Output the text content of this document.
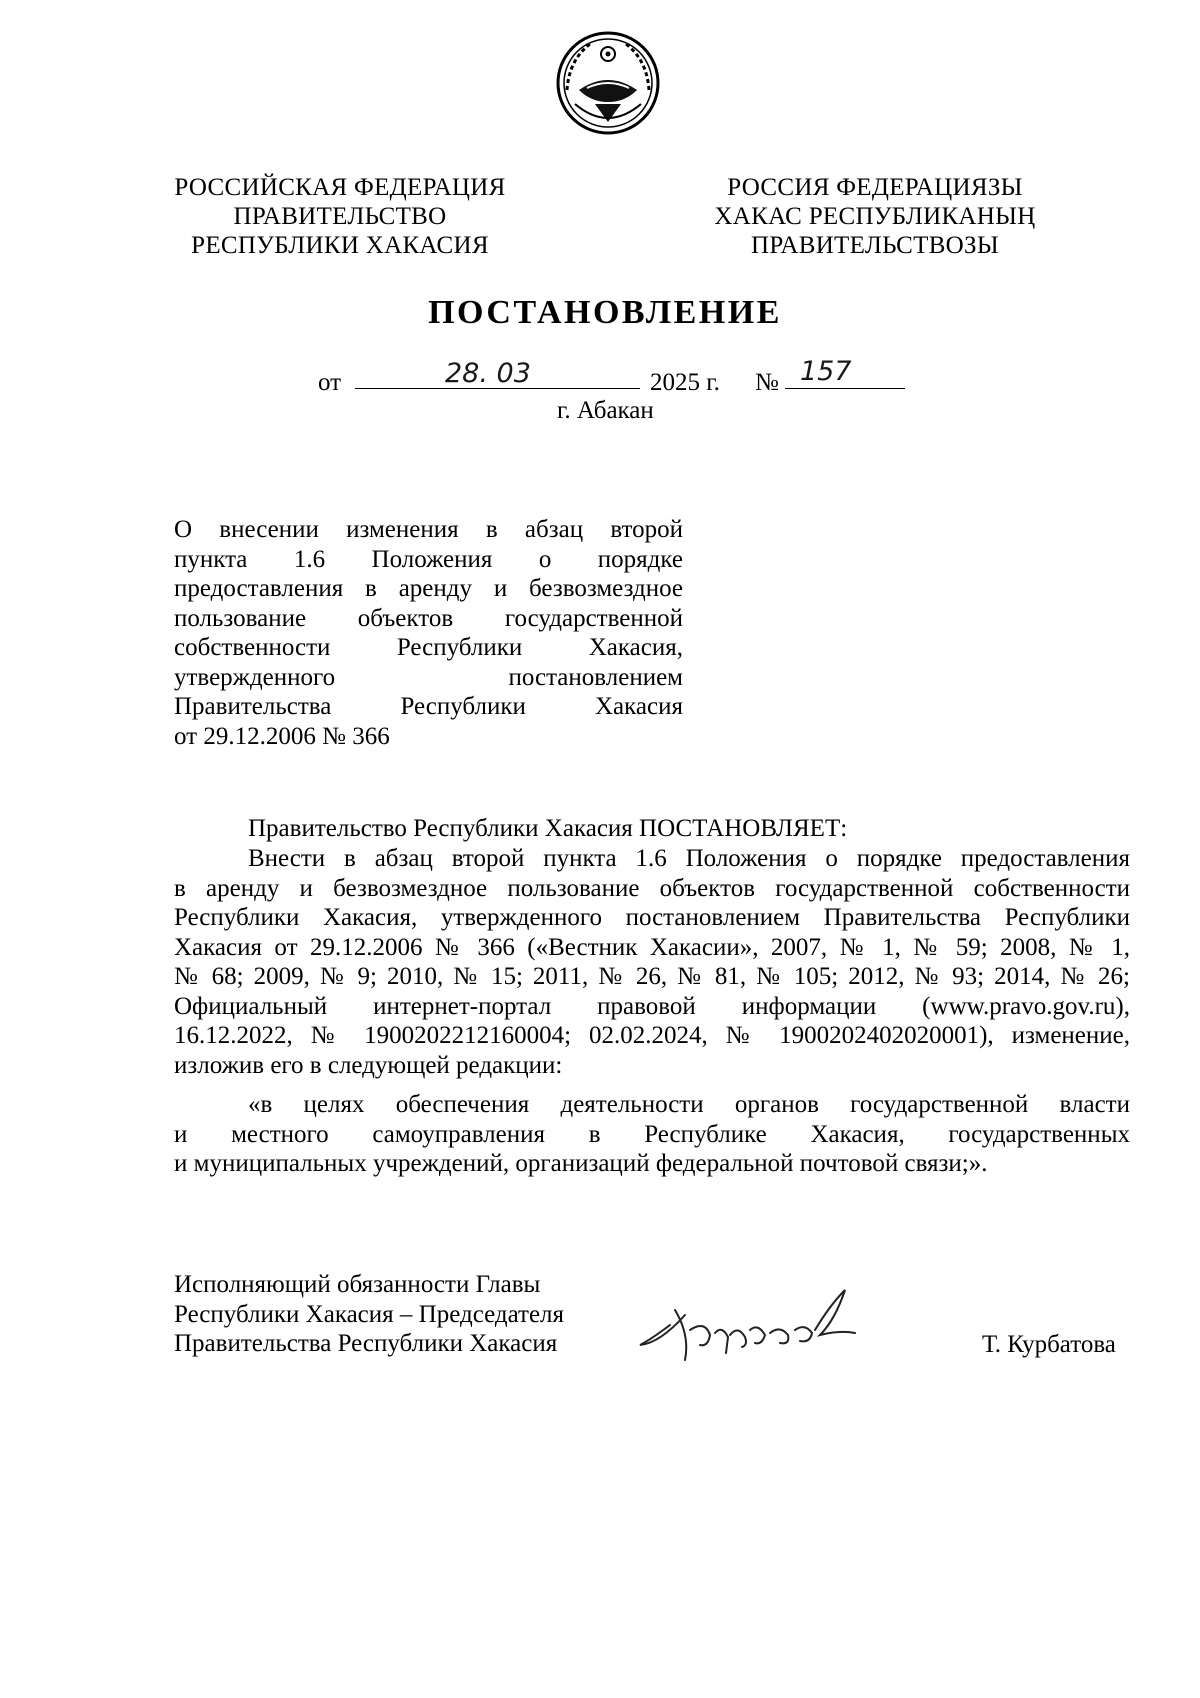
РОССИЙСКАЯ ФЕДЕРАЦИЯ
ПРАВИТЕЛЬСТВО
РЕСПУБЛИКИ ХАКАСИЯ
РОССИЯ ФЕДЕРАЦИЯЗЫ
ХАКАС РЕСПУБЛИКАНЫҢ
ПРАВИТЕЛЬСТВОЗЫ
ПОСТАНОВЛЕНИЕ
от	28. 03	2025 г. № 157
г. Абакан
О внесении изменения в абзац второй
пункта 1.6 Положения о порядке
предоставления в аренду и безвозмездное
пользование объектов государственной
собственности Республики Хакасия,
утвержденного постановлением
Правительства Республики Хакасия
от 29.12.2006 № 366
Правительство Республики Хакасия ПОСТАНОВЛЯЕТ:
Внести в абзац второй пункта 1.6 Положения о порядке предоставления
в аренду и безвозмездное пользование объектов государственной собственности
Республики Хакасия, утвержденного постановлением Правительства Республики
Хакасия от 29.12.2006 № 366 («Вестник Хакасии», 2007, № 1, № 59; 2008, № 1,
№ 68; 2009, № 9; 2010, № 15; 2011, № 26, № 81, № 105; 2012, № 93; 2014, № 26;
Официальный интернет-портал правовой информации (www.pravo.gov.ru),
16.12.2022, № 1900202212160004; 02.02.2024, № 1900202402020001), изменение,
изложив его в следующей редакции:
«в целях обеспечения деятельности органов государственной власти
и местного самоуправления в Республике Хакасия, государственных
и муниципальных учреждений, организаций федеральной почтовой связи;».
Исполняющий обязанности Главы
Республики Хакасия – Председателя
Правительства Республики Хакасия	Т. Курбатова
